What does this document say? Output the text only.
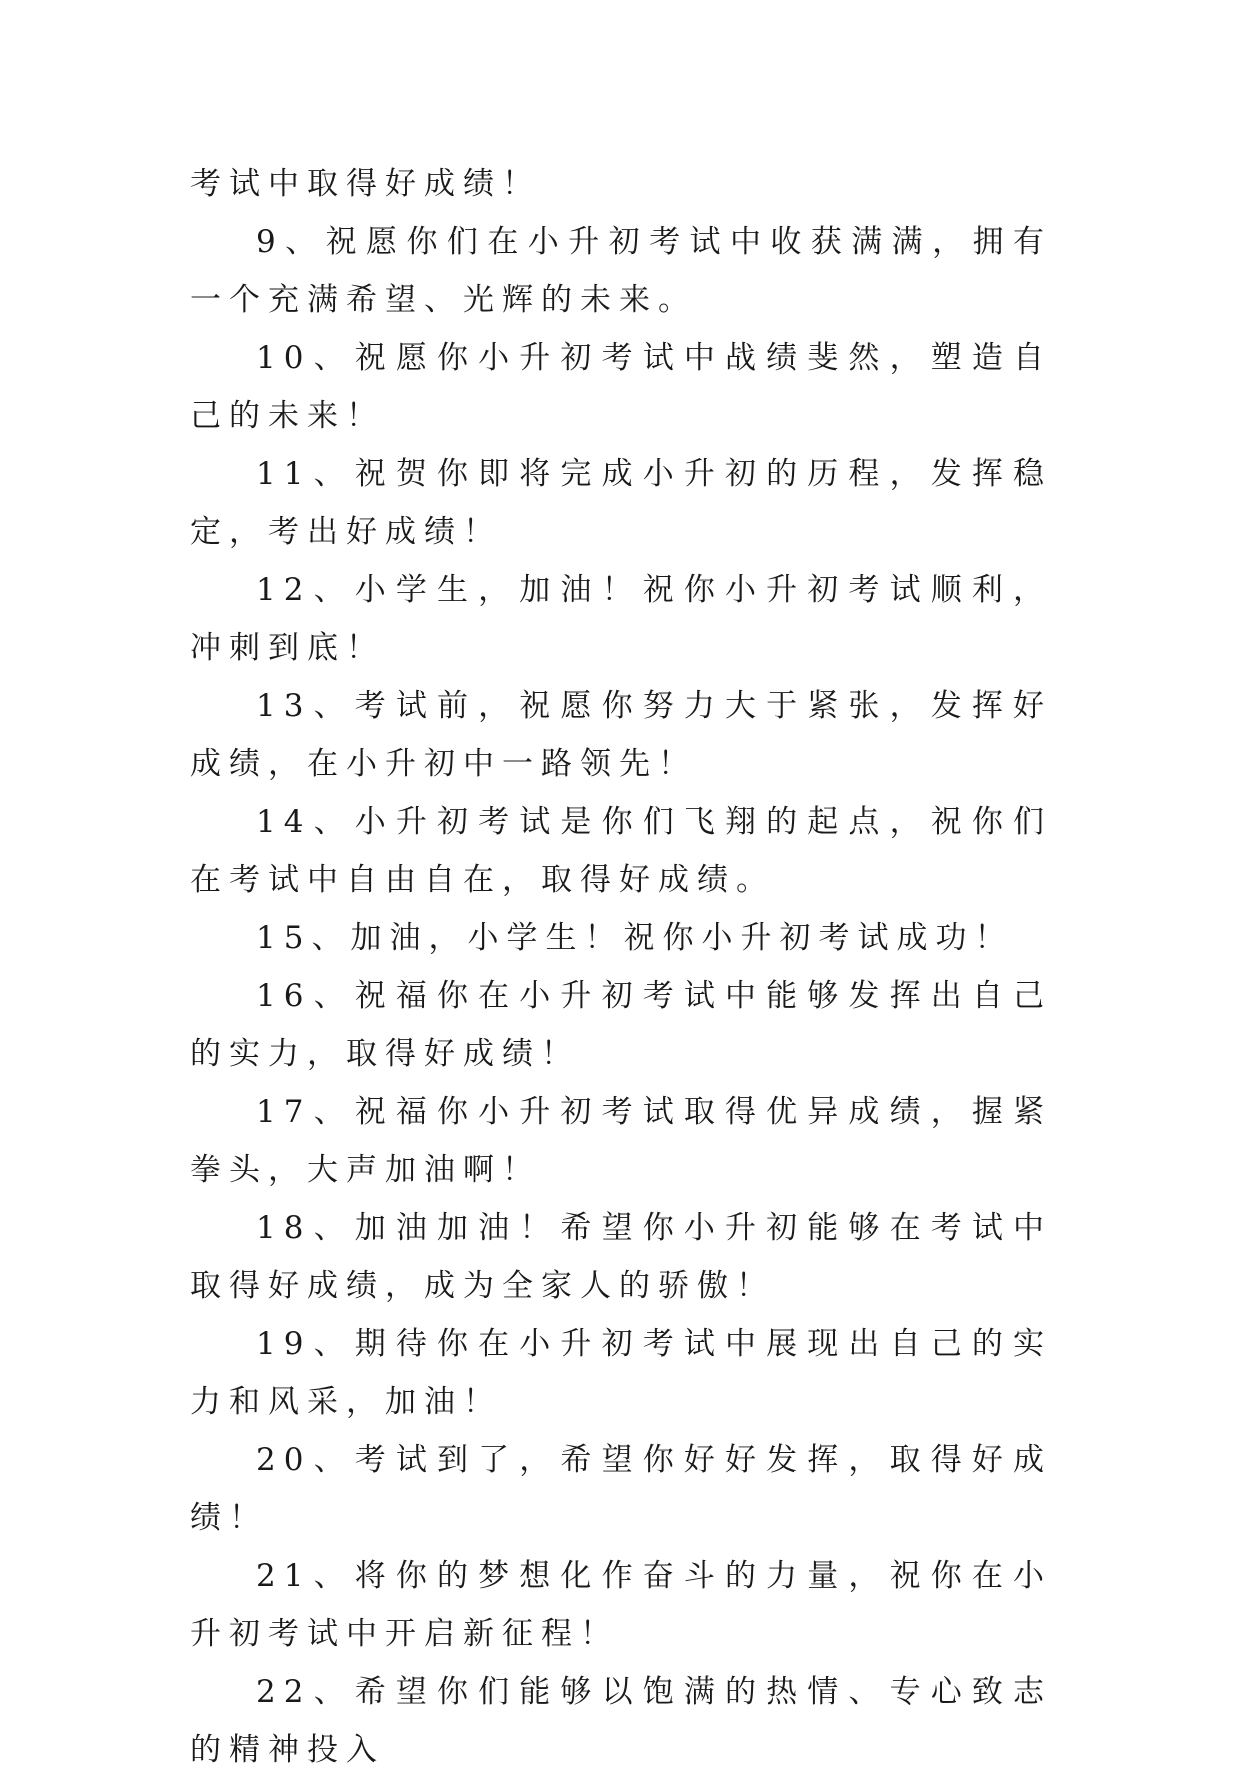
考试中取得好成绩！

9、祝愿你们在小升初考试中收获满满，拥有一个充满希望、光辉的未来。

10、祝愿你小升初考试中战绩斐然，塑造自己的未来！

11、祝贺你即将完成小升初的历程，发挥稳定，考出好成绩！

12、小学生，加油！祝你小升初考试顺利，冲刺到底！

13、考试前，祝愿你努力大于紧张，发挥好成绩，在小升初中一路领先！

14、小升初考试是你们飞翔的起点，祝你们在考试中自由自在，取得好成绩。

15、加油，小学生！祝你小升初考试成功！

16、祝福你在小升初考试中能够发挥出自己的实力，取得好成绩！

17、祝福你小升初考试取得优异成绩，握紧拳头，大声加油啊！

18、加油加油！希望你小升初能够在考试中取得好成绩，成为全家人的骄傲！

19、期待你在小升初考试中展现出自己的实力和风采，加油！

20、考试到了，希望你好好发挥，取得好成绩！

21、将你的梦想化作奋斗的力量，祝你在小升初考试中开启新征程！

22、希望你们能够以饱满的热情、专心致志的精神投入
